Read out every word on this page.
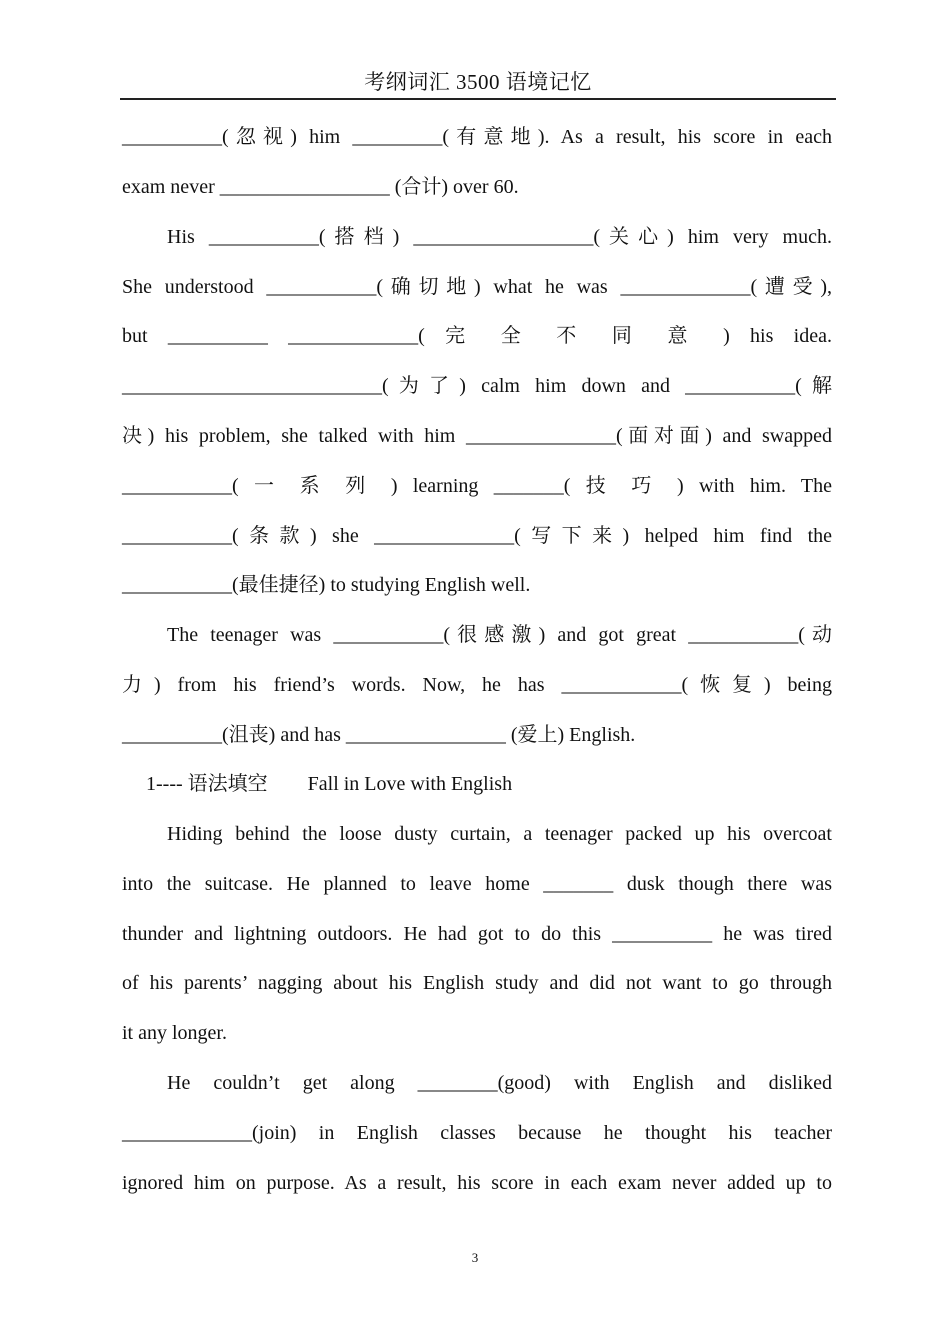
考纲词汇 3500 语境记忆
__________(忽视) him _________(有意地). As a result, his score in each
exam never _________________ (合计) over 60.
His ___________(搭档) __________________(关心) him very much.
She understood ___________(确切地) what he was _____________(遭受),
but __________ _____________( 完 全 不 同 意 ) his idea.
__________________________(为了) calm him down and ___________(解
决) his problem, she talked with him _______________(面对面) and swapped
___________( 一 系 列 ) learning _______( 技 巧 ) with him. The
___________(条款) she ______________(写下来) helped him find the
___________(最佳捷径) to studying English well.
The teenager was ___________(很感激) and got great ___________(动
力) from his friend’s words. Now, he has ____________(恢复) being
__________(沮丧) and has ________________ (爱上) English.
1---- 语法填空        Fall in Love with English
Hiding behind the loose dusty curtain, a teenager packed up his overcoat
into the suitcase. He planned to leave home _______ dusk though there was
thunder and lightning outdoors. He had got to do this __________ he was tired
of his parents’ nagging about his English study and did not want to go through
it any longer.
He couldn’t get along ________(good) with English and disliked
_____________(join) in English classes because he thought his teacher
ignored him on purpose. As a result, his score in each exam never added up to
3
